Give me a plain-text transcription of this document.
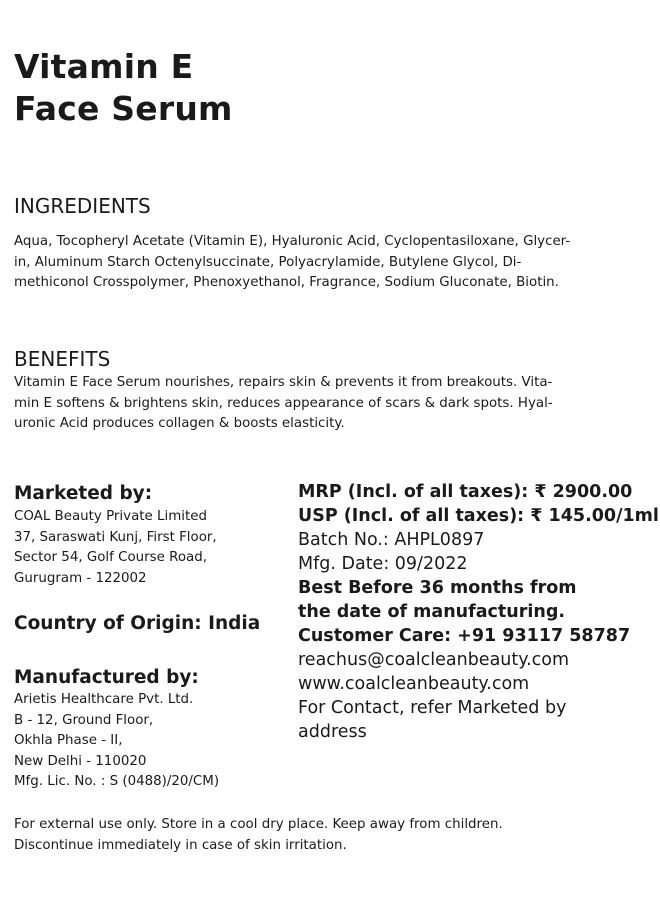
Vitamin E
Face Serum
INGREDIENTS
Aqua, Tocopheryl Acetate (Vitamin E), Hyaluronic Acid, Cyclopentasiloxane, Glycer-
in, Aluminum Starch Octenylsuccinate, Polyacrylamide, Butylene Glycol, Di-
methiconol Crosspolymer, Phenoxyethanol, Fragrance, Sodium Gluconate, Biotin.
BENEFITS
Vitamin E Face Serum nourishes, repairs skin & prevents it from breakouts. Vita-
min E softens & brightens skin, reduces appearance of scars & dark spots. Hyal-
uronic Acid produces collagen & boosts elasticity.

Marketed by:

COAL Beauty Private Limited
37, Saraswati Kunj, First Floor,
Sector 54, Golf Course Road,
Gurugram - 122002

Country of Origin: India

Manufactured by:

Arietis Healthcare Pvt. Ltd.
B - 12, Ground Floor,
Okhla Phase - II,
New Delhi - 110020
Mfg. Lic. No. : S (0488)/20/CM)

MRP (Incl. of all taxes): ₹ 2900.00
USP (Incl. of all taxes): ₹ 145.00/1ml
Batch No.: AHPL0897
Mfg. Date: 09/2022
Best Before 36 months from
the date of manufacturing.
Customer Care: +91 93117 58787
reachus@coalcleanbeauty.com
www.coalcleanbeauty.com
For Contact, refer Marketed by
address
For external use only. Store in a cool dry place. Keep away from children.
Discontinue immediately in case of skin irritation.
